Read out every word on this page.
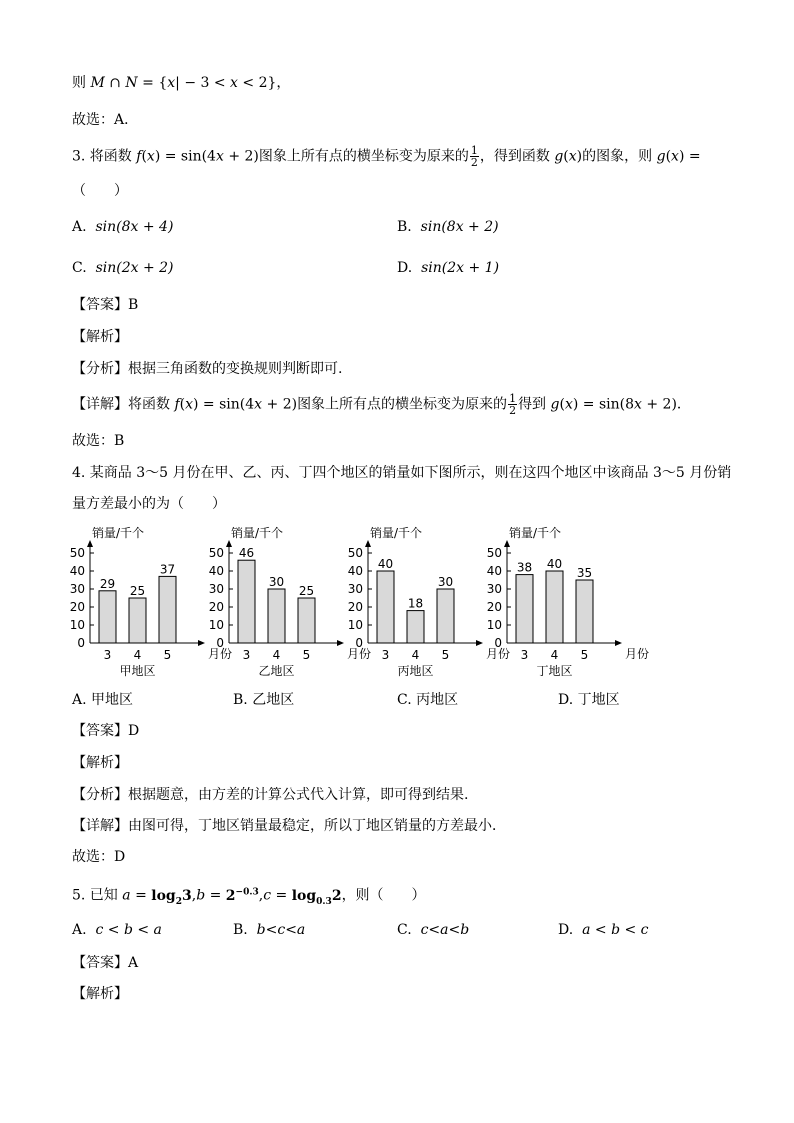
则 M ∩ N = {x| − 3 < x < 2}，
故选：A．
3. 将函数 f(x) = sin(4x + 2)图象上所有点的横坐标变为原来的 $\frac{1}{2}$ ，得到函数 g(x)的图象，则 g(x) =
（　　）
A. sin(8x + 4)	B. sin(8x + 2)
C. sin(2x + 2)	D. sin(2x + 1)
【答案】B
【解析】
【分析】根据三角函数的变换规则判断即可.
【详解】将函数 f(x) = sin(4x + 2)图象上所有点的横坐标变为原来的 $\frac{1}{2}$ 得到 g(x) = sin(8x + 2)．
故选：B
4. 某商品 3～5 月份在甲、乙、丙、丁四个地区的销量如下图所示，则在这四个地区中该商品 3～5 月份销
量方差最小的为（　　）
销量/千个
月份
0
10
20
30
40
50
29
3
25
4
37
5
甲地区
销量/千个
月份
0
10
20
30
40
50 46
3
30
4
25
5
乙地区
销量/千个
月份
0
10
20
30
40
50
40
3
18
4
30
5
丙地区
销量/千个
月份
0
10
20
30
40
50
38
3
40
4
35
5
丁地区
A. 甲地区	B. 乙地区	C. 丙地区	D. 丁地区
【答案】D
【解析】
【分析】根据题意，由方差的计算公式代入计算，即可得到结果.
【详解】由图可得，丁地区销量最稳定，所以丁地区销量的方差最小．
故选：D
5. 已知 $a = \log_23,b = 2^{-0.3},c = \log_{0.3}2$，则（　　）
A. c < b < a	B. b<c<a	C. c<a<b	D. a < b < c
【答案】A
【解析】
